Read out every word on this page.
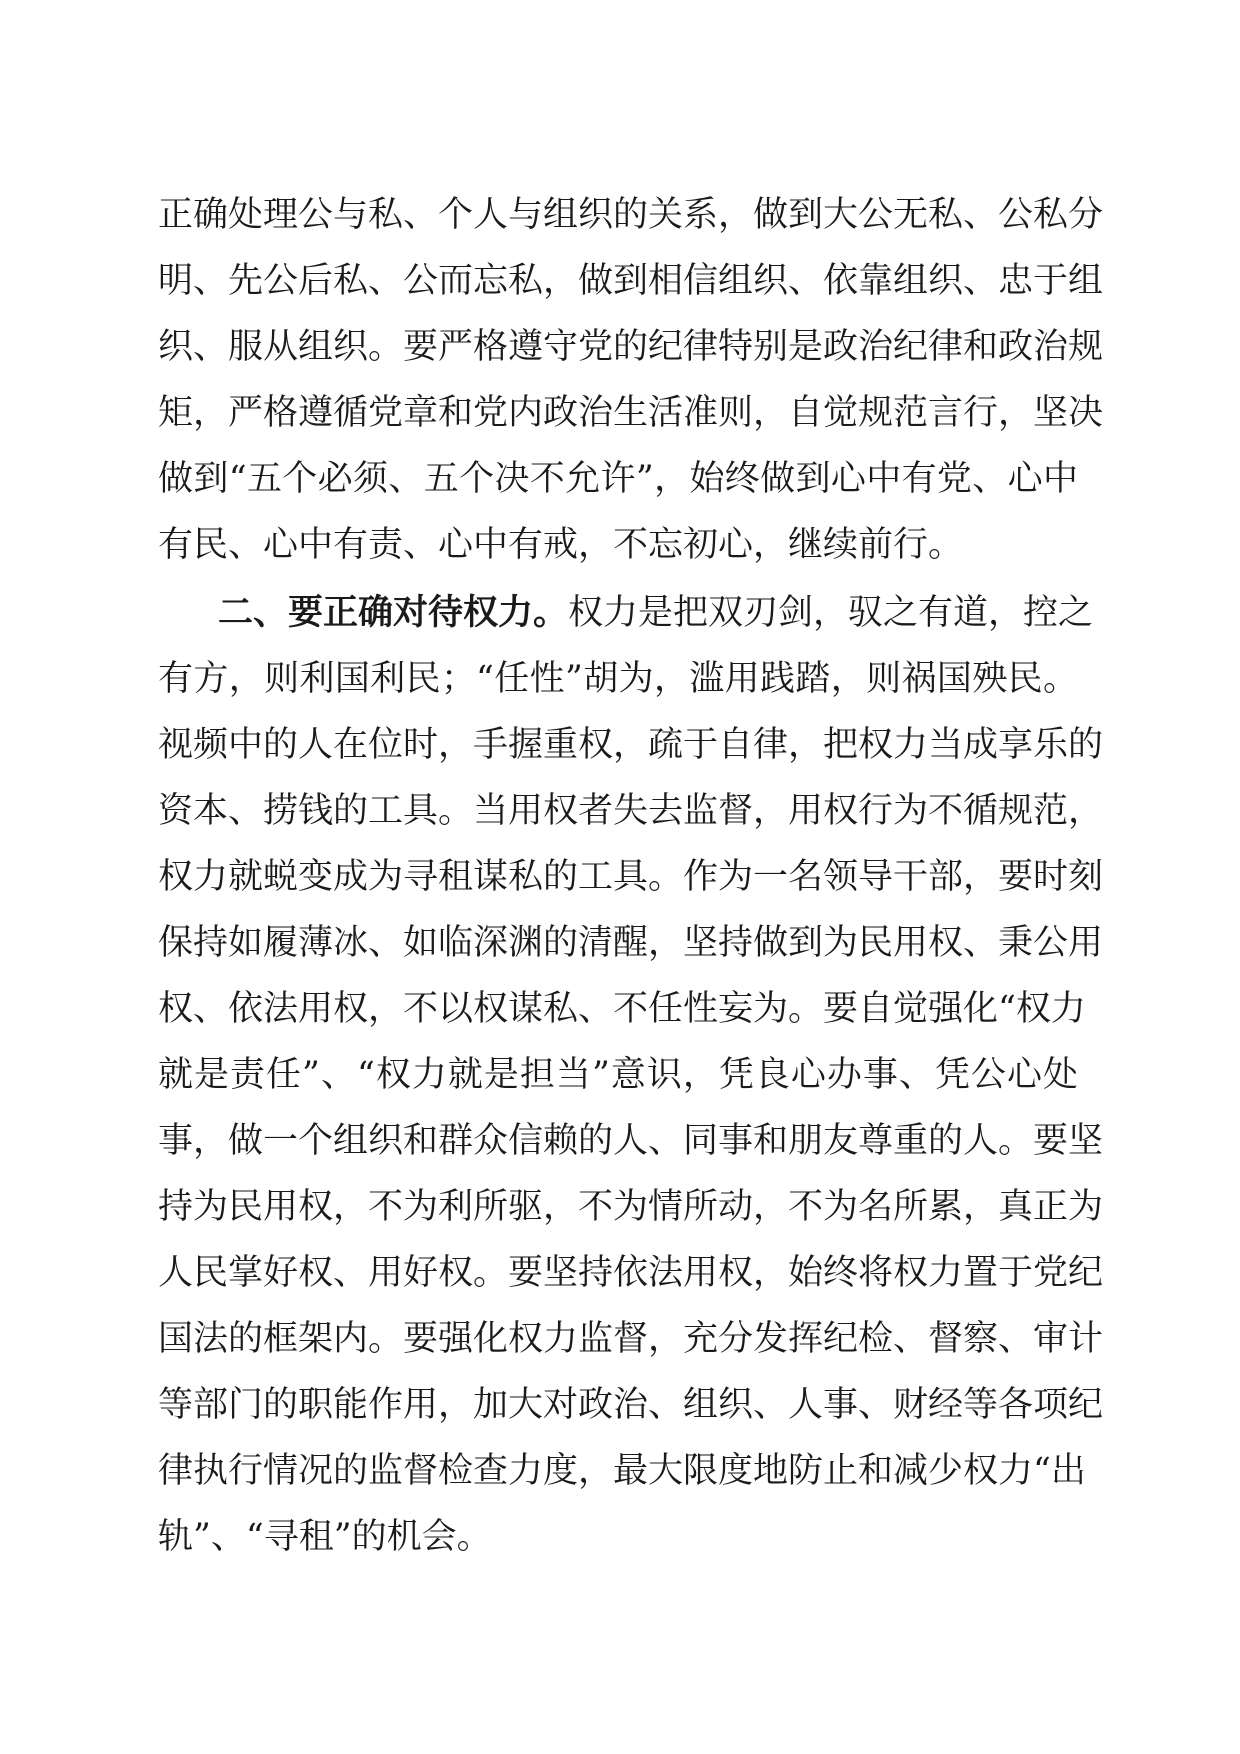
正确处理公与私、个人与组织的关系，做到大公无私、公私分
明、先公后私、公而忘私，做到相信组织、依靠组织、忠于组
织、服从组织。要严格遵守党的纪律特别是政治纪律和政治规
矩，严格遵循党章和党内政治生活准则，自觉规范言行，坚决
做到“五个必须、五个决不允许”，始终做到心中有党、心中
有民、心中有责、心中有戒，不忘初心，继续前行。
二、要正确对待权力。权力是把双刃剑，驭之有道，控之
有方，则利国利民；“任性”胡为，滥用践踏，则祸国殃民。
视频中的人在位时，手握重权，疏于自律，把权力当成享乐的
资本、捞钱的工具。当用权者失去监督，用权行为不循规范，
权力就蜕变成为寻租谋私的工具。作为一名领导干部，要时刻
保持如履薄冰、如临深渊的清醒，坚持做到为民用权、秉公用
权、依法用权，不以权谋私、不任性妄为。要自觉强化“权力
就是责任”、“权力就是担当”意识，凭良心办事、凭公心处
事，做一个组织和群众信赖的人、同事和朋友尊重的人。要坚
持为民用权，不为利所驱，不为情所动，不为名所累，真正为
人民掌好权、用好权。要坚持依法用权，始终将权力置于党纪
国法的框架内。要强化权力监督，充分发挥纪检、督察、审计
等部门的职能作用，加大对政治、组织、人事、财经等各项纪
律执行情况的监督检查力度，最大限度地防止和减少权力“出
轨”、“寻租”的机会。
